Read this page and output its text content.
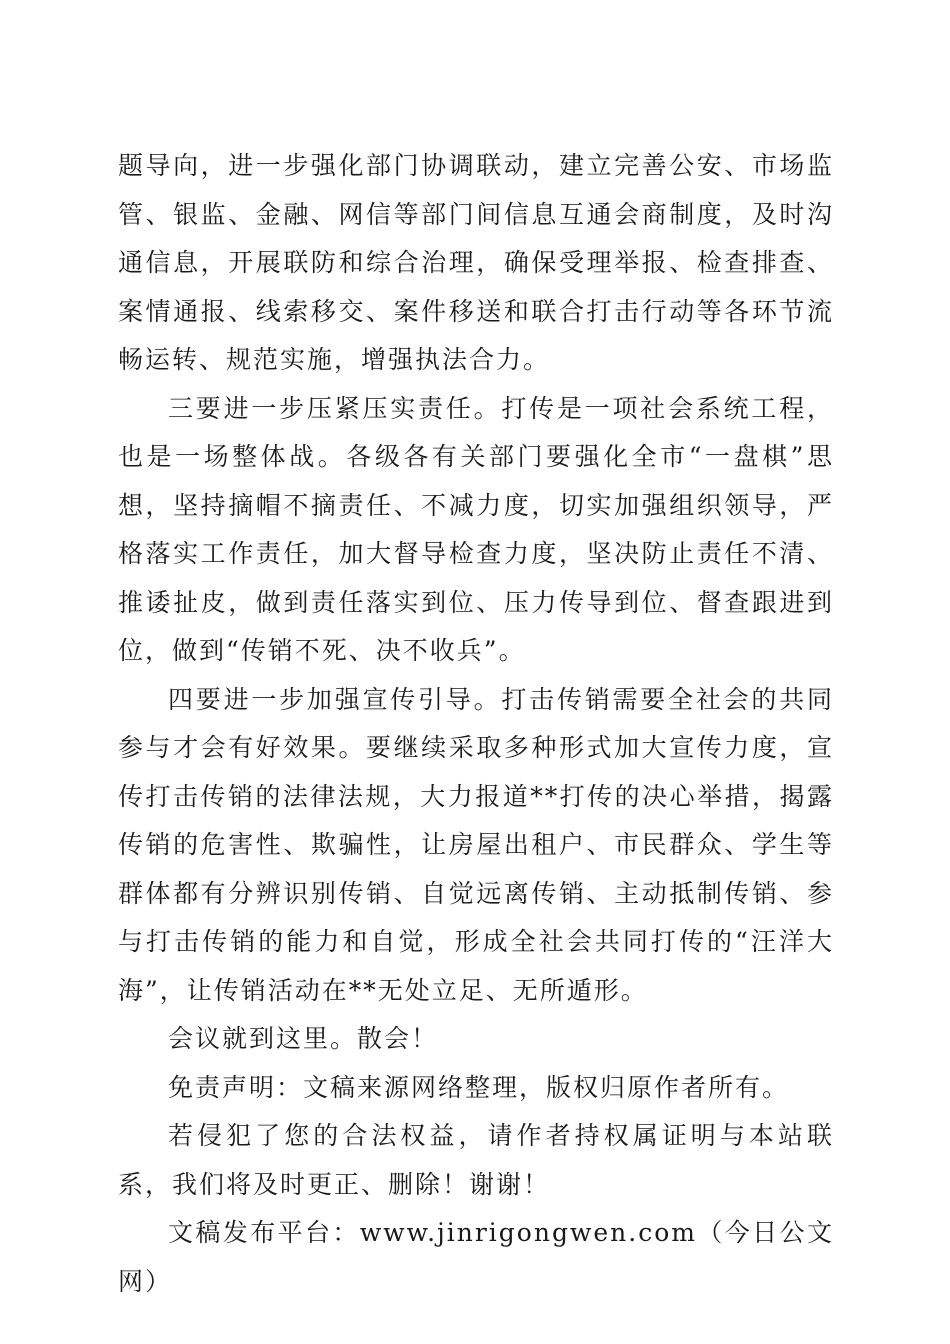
题导向，进一步强化部门协调联动，建立完善公安、市场监管、银监、金融、网信等部门间信息互通会商制度，及时沟通信息，开展联防和综合治理，确保受理举报、检查排查、案情通报、线索移交、案件移送和联合打击行动等各环节流畅运转、规范实施，增强执法合力。

三要进一步压紧压实责任。打传是一项社会系统工程，也是一场整体战。各级各有关部门要强化全市“一盘棋”思想，坚持摘帽不摘责任、不减力度，切实加强组织领导，严格落实工作责任，加大督导检查力度，坚决防止责任不清、推诿扯皮，做到责任落实到位、压力传导到位、督查跟进到位，做到“传销不死、决不收兵”。

四要进一步加强宣传引导。打击传销需要全社会的共同参与才会有好效果。要继续采取多种形式加大宣传力度，宣传打击传销的法律法规，大力报道**打传的决心举措，揭露传销的危害性、欺骗性，让房屋出租户、市民群众、学生等群体都有分辨识别传销、自觉远离传销、主动抵制传销、参与打击传销的能力和自觉，形成全社会共同打传的“汪洋大海”，让传销活动在**无处立足、无所遁形。

会议就到这里。散会！

免责声明：文稿来源网络整理，版权归原作者所有。

若侵犯了您的合法权益，请作者持权属证明与本站联系，我们将及时更正、删除！谢谢！

文稿发布平台：www.jinrigongwen.com（今日公文网）
